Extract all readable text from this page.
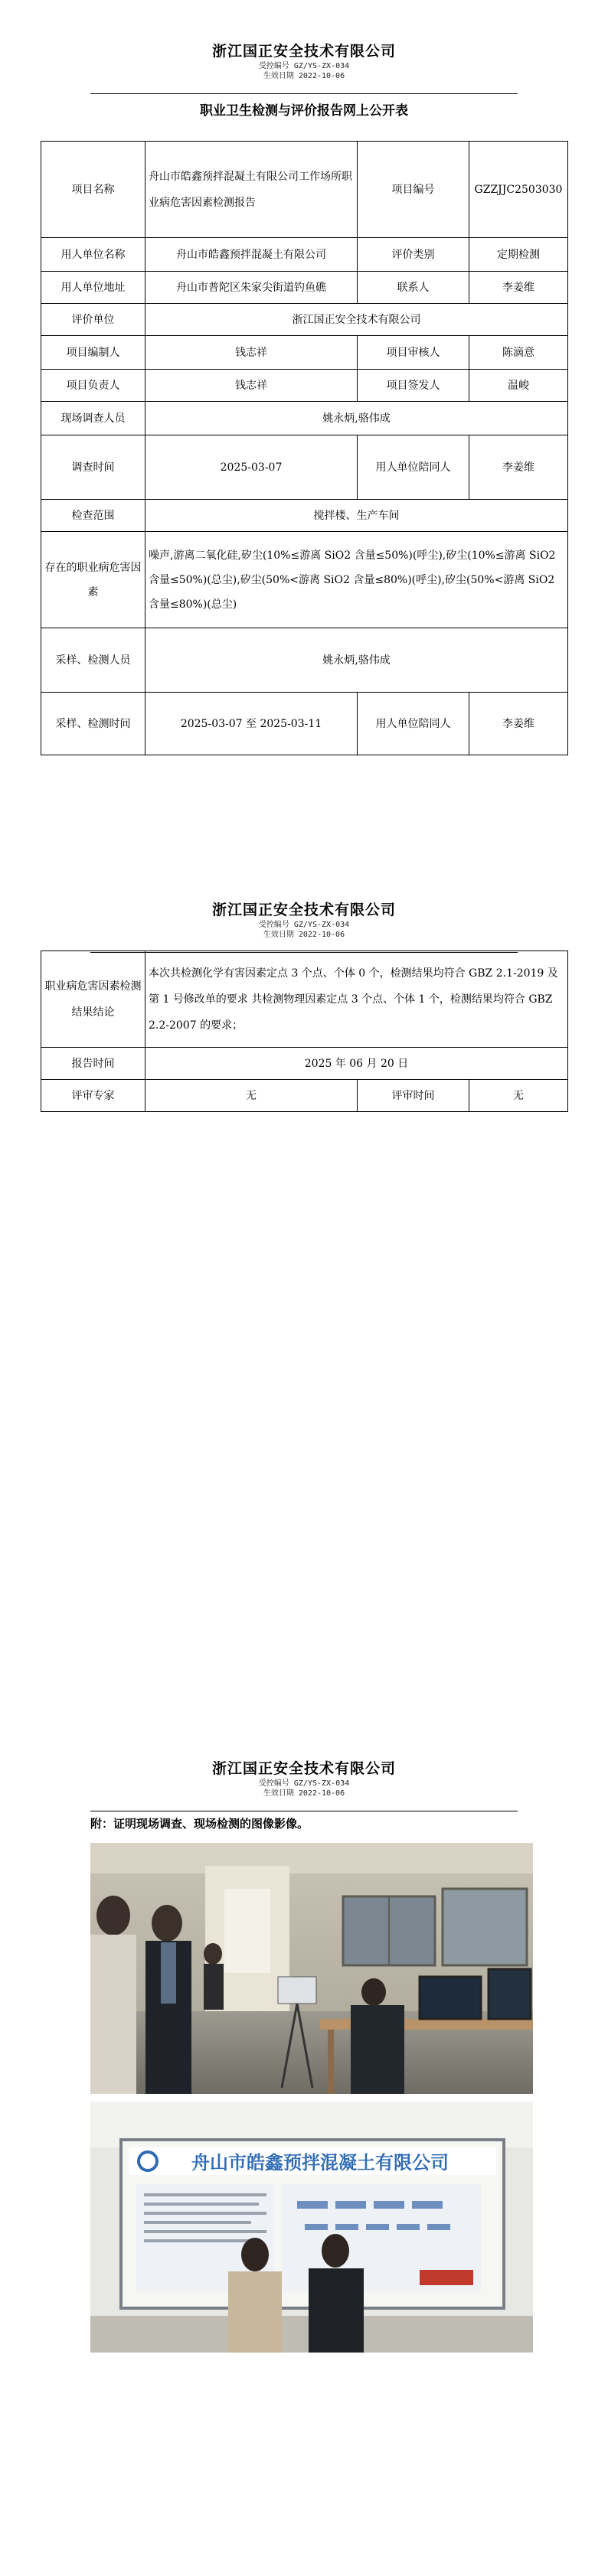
浙江国正安全技术有限公司

受控编号 GZ/YS-ZX-034

生效日期 2022-10-06

职业卫生检测与评价报告网上公开表
项目名称	舟山市皓鑫预拌混凝土有限公司工作场所职业病危害因素检测报告	项目编号	GZZJJC2503030
用人单位名称	舟山市皓鑫预拌混凝土有限公司	评价类别	定期检测
用人单位地址	舟山市普陀区朱家尖街道钓鱼礁	联系人	李姜维
评价单位	浙江国正安全技术有限公司		
项目编制人	钱志祥	项目审核人	陈滴意
项目负责人	钱志祥	项目签发人	温峻
现场调查人员	姚永炳,骆伟成		
调查时间	2025-03-07	用人单位陪同人	李姜维
检查范围	搅拌楼、生产车间		
存在的职业病危害因素	噪声,游离二氧化硅,矽尘(10%≤游离 SiO2 含量≤50%)(呼尘),矽尘(10%≤游离 SiO2 含量≤50%)(总尘),矽尘(50%<游离 SiO2 含量≤80%)(呼尘),矽尘(50%<游离 SiO2 含量≤80%)(总尘)		
采样、检测人员	姚永炳,骆伟成		
采样、检测时间	2025-03-07 至 2025-03-11	用人单位陪同人	李姜维

浙江国正安全技术有限公司

受控编号 GZ/YS-ZX-034

生效日期 2022-10-06

职业病危害因素检测结果结论	本次共检测化学有害因素定点 3 个点、个体 0 个，检测结果均符合 GBZ 2.1-2019 及第 1 号修改单的要求 共检测物理因素定点 3 个点、个体 1 个，检测结果均符合 GBZ 2.2-2007 的要求；		
报告时间	2025 年 06 月 20 日		
评审专家	无	评审时间	无

浙江国正安全技术有限公司

受控编号 GZ/YS-ZX-034

生效日期 2022-10-06

附：证明现场调查、现场检测的图像影像。
舟山市皓鑫预拌混凝土有限公司
